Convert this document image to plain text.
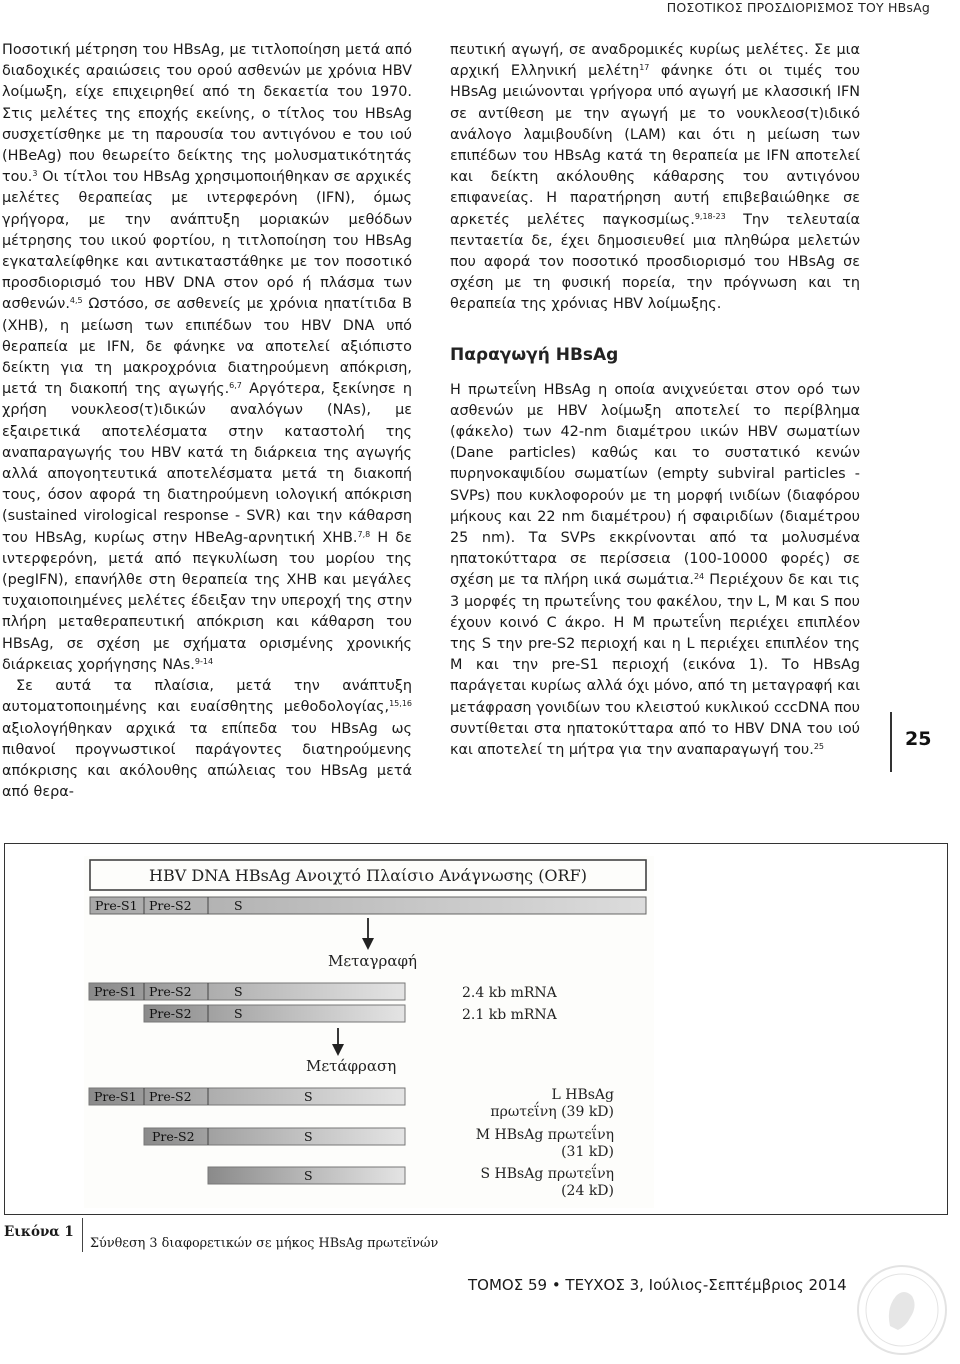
ΠΟΣΟΤΙΚΟΣ ΠΡΟΣΔΙΟΡΙΣΜΟΣ ΤΟΥ HBsAg

Ποσοτική μέτρηση του HBsAg, με τιτλοποίηση μετά από διαδοχικές αραιώσεις του ορού ασθενών με χρόνια HBV λοίμωξη, είχε επιχειρηθεί από τη δεκαετία του 1970. Στις μελέτες της εποχής εκείνης, ο τίτλος του HBsAg συσχετίσθηκε με τη παρουσία του αντιγόνου e του ιού (HBeAg) που θεωρείτο δείκτης της μολυσματικότητάς του.$^3$ Οι τίτλοι του HBsAg χρησιμοποιήθηκαν σε αρχικές μελέτες θεραπείας με ιντερφερόνη (IFN), όμως γρήγορα, με την ανάπτυξη μοριακών μεθόδων μέτρησης του ιικού φορτίου, η τιτλοποίηση του HBsAg εγκαταλείφθηκε και αντικαταστάθηκε με τον ποσοτικό προσδιορισμό του HBV DNA στον ορό ή πλάσμα των ασθενών.$^{4,5}$ Ωστόσο, σε ασθενείς με χρόνια ηπατίτιδα Β (ΧΗΒ), η μείωση των επιπέδων του HBV DNA υπό θεραπεία με IFN, δε φάνηκε να αποτελεί αξιόπιστο δείκτη για τη μακροχρόνια διατηρούμενη απόκριση, μετά τη διακοπή της αγωγής.$^{6,7}$ Αργότερα, ξεκίνησε η χρήση νουκλεοσ(τ)ιδικών αναλόγων (NAs), με εξαιρετικά αποτελέσματα στην καταστολή της αναπαραγωγής του HBV κατά τη διάρκεια της αγωγής αλλά απογοητευτικά αποτελέσματα μετά τη διακοπή τους, όσον αφορά τη διατηρούμενη ιολογική απόκριση (sustained virological response - SVR) και την κάθαρση του HBsAg, κυρίως στην HBeAg-αρνητική ΧΗΒ.$^{7,8}$ Η δε ιντερφερόνη, μετά από πεγκυλίωση του μορίου της (pegIFN), επανήλθε στη θεραπεία της ΧΗΒ και μεγάλες τυχαιοποιημένες μελέτες έδειξαν την υπεροχή της στην πλήρη μεταθεραπευτική απόκριση και κάθαρση του HBsAg, σε σχέση με σχήματα ορισμένης χρονικής διάρκειας χορήγησης NAs.$^{9-14}$

Σε αυτά τα πλαίσια, μετά την ανάπτυξη αυτοματοποιημένης και ευαίσθητης μεθοδολογίας,$^{15,16}$ αξιολογήθηκαν αρχικά τα επίπεδα του HBsAg ως πιθανοί προγνωστικοί παράγοντες διατηρούμενης απόκρισης και ακόλουθης απώλειας του HBsAg μετά από θερα-

πευτική αγωγή, σε αναδρομικές κυρίως μελέτες. Σε μια αρχική Ελληνική μελέτη$^{17}$ φάνηκε ότι οι τιμές του HBsAg μειώνονται γρήγορα υπό αγωγή με κλασσική IFN σε αντίθεση με την αγωγή με το νουκλεοσ(τ)ιδικό ανάλογο λαμιβουδίνη (LAM) και ότι η μείωση των επιπέδων του HBsAg κατά τη θεραπεία με IFN αποτελεί και δείκτη ακόλουθης κάθαρσης του αντιγόνου επιφανείας. Η παρατήρηση αυτή επιβεβαιώθηκε σε αρκετές μελέτες παγκοσμίως.$^{9,18-23}$ Την τελευταία πενταετία δε, έχει δημοσιευθεί μια πληθώρα μελετών που αφορά τον ποσοτικό προσδιορισμό του HBsAg σε σχέση με τη φυσική πορεία, την πρόγνωση και τη θεραπεία της χρόνιας HBV λοίμωξης.

Παραγωγή HBsAg

Η πρωτεΐνη HBsAg η οποία ανιχνεύεται στον ορό των ασθενών με HBV λοίμωξη αποτελεί το περίβλημα (φάκελο) των 42-nm διαμέτρου ιικών HBV σωματίων (Dane particles) καθώς και το συστατικό κενών πυρηνοκαψιδίου σωματίων (empty subviral particles - SVPs) που κυκλοφορούν με τη μορφή ινιδίων (διαφόρου μήκους και 22 nm διαμέτρου) ή σφαιριδίων (διαμέτρου 25 nm). Τα SVPs εκκρίνονται από τα μολυσμένα ηπατοκύτταρα σε περίσσεια (100-10000 φορές) σε σχέση με τα πλήρη ιικά σωμάτια.$^{24}$ Περιέχουν δε και τις 3 μορφές τη πρωτεΐνης του φακέλου, την L, M και S που έχουν κοινό C άκρο. Η M πρωτεΐνη περιέχει επιπλέον της S την pre-S2 περιοχή και η L περιέχει επιπλέον της M και την pre-S1 περιοχή (εικόνα 1). Το HBsAg παράγεται κυρίως αλλά όχι μόνο, από τη μεταγραφή και μετάφραση γονιδίων του κλειστού κυκλικού cccDNA που συντίθεται στα ηπατοκύτταρα από το HBV DNA του ιού και αποτελεί τη μήτρα για την αναπαραγωγή του.$^{25}$	25
HBV DNA HBsAg Ανοιχτό Πλαίσιο Ανάγνωσης (ORF)
Pre-S1 Pre-S2	S
Μεταγραφή
Pre-S1 Pre-S2	S	2.4 kb mRNA
Pre-S2	S	2.1 kb mRNA
Μετάφραση
Pre-S1 Pre-S2	S	L HBsAg
πρωτεΐνη (39 kD)
Pre-S2	S	M HBsAg πρωτεΐνη
(31 kD)
S	S HBsAg πρωτεΐνη
(24 kD)
Εικόνα 1
Σύνθεση 3 διαφορετικών σε μήκος HBsAg πρωτεϊνών
ΤΟΜΟΣ 59 • ΤΕΥΧΟΣ 3, Ιούλιος-Σεπτέμβριος 2014
